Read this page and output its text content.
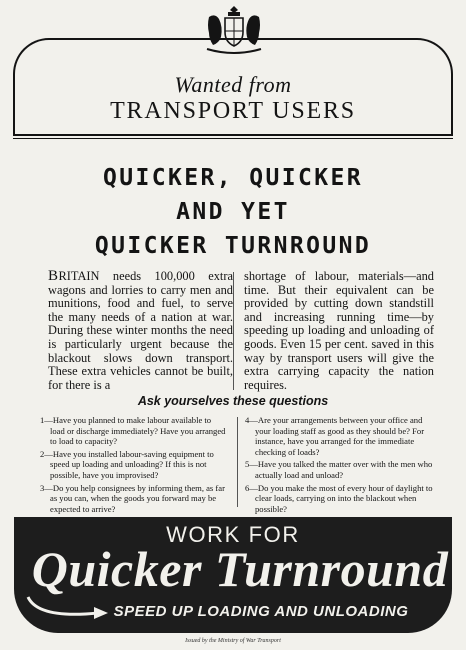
Wanted from
TRANSPORT USERS
QUICKER, QUICKER
AND YET
QUICKER TURNROUND

BRITAIN needs 100,000 extra wagons and lorries to carry men and munitions, food and fuel, to serve the many needs of a nation at war. During these winter months the need is particularly urgent because the blackout slows down transport. These extra vehicles cannot be built, for there is a

shortage of labour, materials—and time. But their equivalent can be provided by cutting down standstill and increasing running time—by speeding up loading and unloading of goods. Even 15 per cent. saved in this way by transport users will give the extra carrying capacity the nation requires.

Ask yourselves these questions

1—Have you planned to make labour available to load or discharge immediately? Have you arranged to load to capacity?

2—Have you installed labour-saving equipment to speed up loading and unloading? If this is not possible, have you improvised?

3—Do you help consignees by informing them, as far as you can, when the goods you forward may be expected to arrive?

4—Are your arrangements between your office and your loading staff as good as they should be? For instance, have you arranged for the immediate checking of loads?

5—Have you talked the matter over with the men who actually load and unload?

6—Do you make the most of every hour of daylight to clear loads, carrying on into the blackout when possible?

WORK FOR
Quicker Turnround
SPEED UP LOADING AND UNLOADING
Issued by the Ministry of War Transport
